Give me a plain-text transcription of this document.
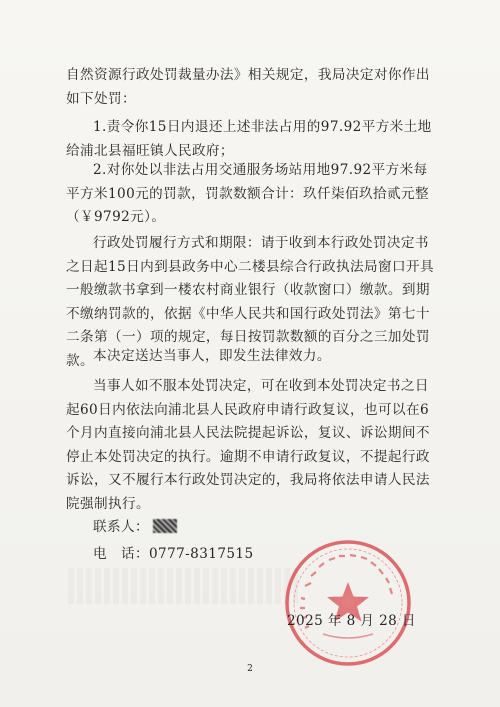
自然资源行政处罚裁量办法》相关规定，我局决定对你作出如下处罚：

1.责令你15日内退还上述非法占用的97.92平方米土地给浦北县福旺镇人民政府；

2.对你处以非法占用交通服务场站用地97.92平方米每平方米100元的罚款，罚款数额合计：玖仟柒佰玖拾贰元整（￥9792元）。

行政处罚履行方式和期限：请于收到本行政处罚决定书之日起15日内到县政务中心二楼县综合行政执法局窗口开具一般缴款书拿到一楼农村商业银行（收款窗口）缴款。到期不缴纳罚款的，依据《中华人民共和国行政处罚法》第七十二条第（一）项的规定，每日按罚款数额的百分之三加处罚款。 本决定送达当事人，即发生法律效力。

当事人如不服本处罚决定，可在收到本处罚决定书之日起60日内依法向浦北县人民政府申请行政复议，也可以在6个月内直接向浦北县人民法院提起诉讼，复议、诉讼期间不停止本处罚决定的执行。逾期不申请行政复议，不提起行政诉讼，又不履行本行政处罚决定的，我局将依法申请人民法院强制执行。

联系人：
电　话：0777-8317515
2025 年 8 月 28 日
2
